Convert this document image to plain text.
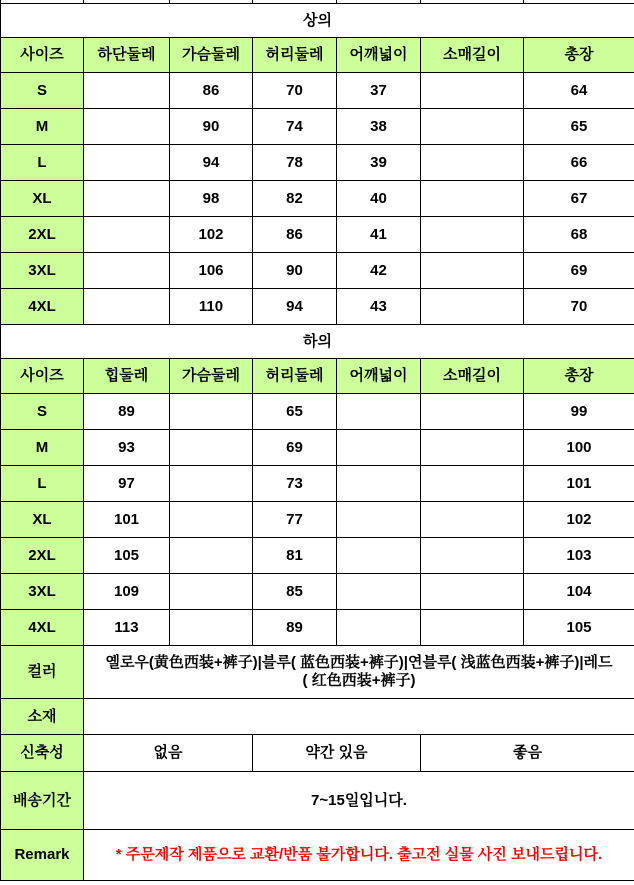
상의						
사이즈	하단둘레	가슴둘레	허리둘레	어깨넓이	소매길이	총장
S		86	70	37		64
M		90	74	38		65
L		94	78	39		66
XL		98	82	40		67
2XL		102	86	41		68
3XL		106	90	42		69
4XL		110	94	43		70
하의						
사이즈	힙둘레	가슴둘레	허리둘레	어깨넓이	소매길이	총장
S	89		65			99
M	93		69			100
L	97		73			101
XL	101		77			102
2XL	105		81			103
3XL	109		85			104
4XL	113		89			105
컬러	옐로우(黄色西装+裤子)|블루( 蓝色西装+裤子)|연블루( 浅蓝色西装+裤子)|레드
( 红色西装+裤子)					

소재						
신축성	없음		약간 있음		좋음	
배송기간	7~15일입니다.					
Remark	* 주문제작 제품으로 교환/반품 불가합니다. 출고전 실물 사진 보내드립니다.					
